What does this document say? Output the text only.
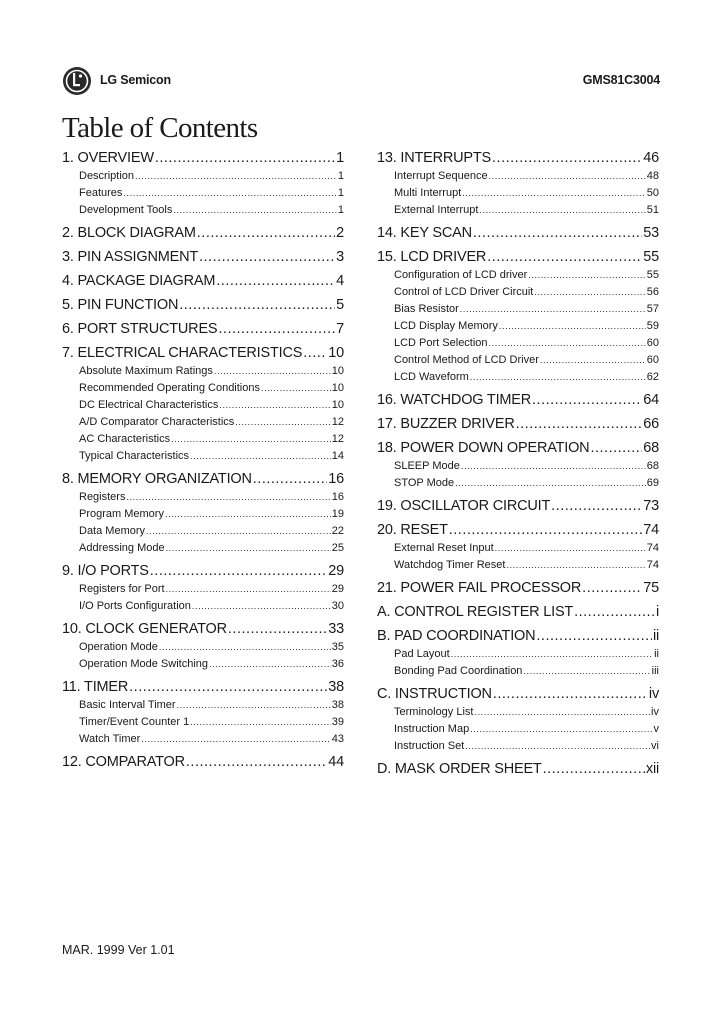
LG Semicon	GMS81C3004
Table of Contents
1. OVERVIEW .....	1
Description .....	1
Features .....	1
Development Tools .....	1
2. BLOCK DIAGRAM .....	2
3. PIN ASSIGNMENT .....	3
4. PACKAGE DIAGRAM .....	4
5. PIN FUNCTION .....	5
6. PORT STRUCTURES .....	7
7. ELECTRICAL CHARACTERISTICS ..... 10
Absolute Maximum Ratings .....	10
Recommended Operating Conditions .....	10
DC Electrical Characteristics .....	10
A/D Comparator Characteristics .....	12
AC Characteristics .....	12
Typical Characteristics .....	14
8. MEMORY ORGANIZATION .....	16
Registers .....	16
Program Memory .....	19
Data Memory .....	22
Addressing Mode .....	25
9. I/O PORTS .....	29
Registers for Port .....	29
I/O Ports Configuration .....	30
10. CLOCK GENERATOR .....	33
Operation Mode .....	35
Operation Mode Switching .....	36
11. TIMER .....	38
Basic Interval Timer .....	38
Timer/Event Counter 1 .....	39
Watch Timer .....	43
12. COMPARATOR .....	44
13. INTERRUPTS .....	46
Interrupt Sequence .....	48
Multi Interrupt .....	50
External Interrupt .....	51
14. KEY SCAN .....	53
15. LCD DRIVER .....	55
Configuration of LCD driver .....	55
Control of LCD Driver Circuit .....	56
Bias Resistor .....	57
LCD Display Memory .....	59
LCD Port Selection .....	60
Control Method of LCD Driver .....	60
LCD Waveform .....	62
16. WATCHDOG TIMER .....	64
17. BUZZER DRIVER .....	66
18. POWER DOWN OPERATION .....	68
SLEEP Mode .....	68
STOP Mode .....	69
19. OSCILLATOR CIRCUIT .....	73
20. RESET .....	74
External Reset Input .....	74
Watchdog Timer Reset .....	74
21. POWER FAIL PROCESSOR .....	75
A. CONTROL REGISTER LIST .....	i
B. PAD COORDINATION .....	ii
Pad Layout .....	ii
Bonding Pad Coordination .....	iii
C. INSTRUCTION .....	iv
Terminology List .....	iv
Instruction Map .....	v
Instruction Set .....	vi
D. MASK ORDER SHEET .....	xii
MAR. 1999 Ver 1.01
